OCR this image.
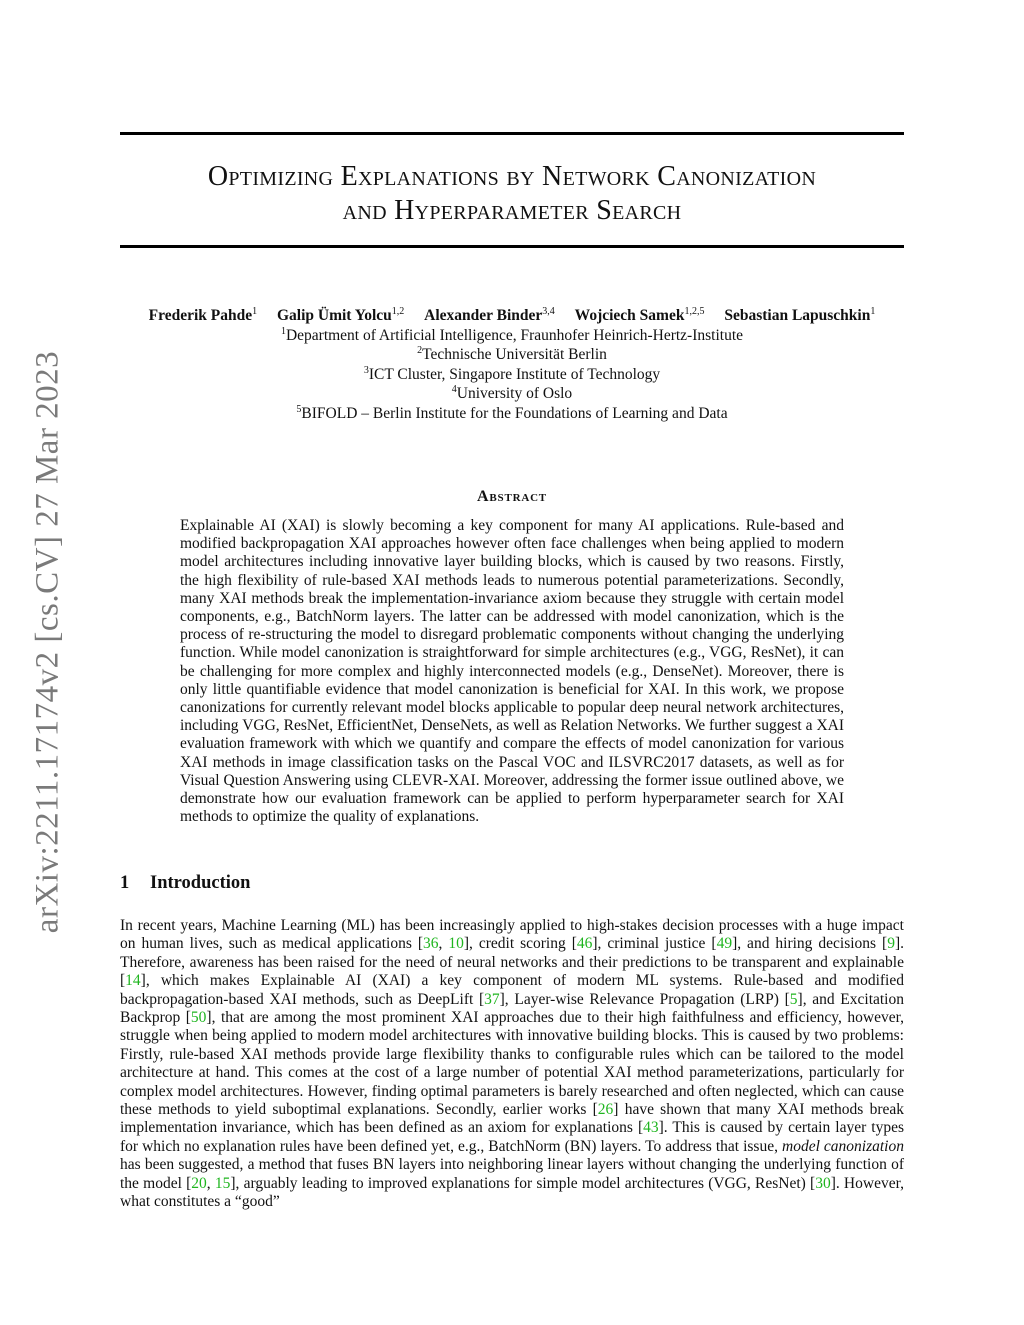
arXiv:2211.17174v2 [cs.CV] 27 Mar 2023
Optimizing Explanations by Network Canonization
and Hyperparameter Search
Frederik Pahde$^1$ Galip Ümit Yolcu$^{1,2}$ Alexander Binder$^{3,4}$ Wojciech Samek$^{1,2,5}$ Sebastian Lapuschkin$^1$
$^1$Department of Artificial Intelligence, Fraunhofer Heinrich-Hertz-Institute
$^2$Technische Universität Berlin
$^3$ICT Cluster, Singapore Institute of Technology
$^4$University of Oslo
$^5$BIFOLD – Berlin Institute for the Foundations of Learning and Data
Abstract
Explainable AI (XAI) is slowly becoming a key component for many AI applications. Rule-based and modified backpropagation XAI approaches however often face challenges when being applied to modern model architectures including innovative layer building blocks, which is caused by two reasons. Firstly, the high flexibility of rule-based XAI methods leads to numerous potential parameterizations. Secondly, many XAI methods break the implementation-invariance axiom because they struggle with certain model components, e.g., BatchNorm layers. The latter can be addressed with model canonization, which is the process of re-structuring the model to disregard problematic components without changing the underlying function. While model canonization is straightforward for simple architectures (e.g., VGG, ResNet), it can be challenging for more complex and highly interconnected models (e.g., DenseNet). Moreover, there is only little quantifiable evidence that model canonization is beneficial for XAI. In this work, we propose canonizations for currently relevant model blocks applicable to popular deep neural network architectures, including VGG, ResNet, EfficientNet, DenseNets, as well as Relation Networks. We further suggest a XAI evaluation framework with which we quantify and compare the effects of model canonization for various XAI methods in image classification tasks on the Pascal VOC and ILSVRC2017 datasets, as well as for Visual Question Answering using CLEVR-XAI. Moreover, addressing the former issue outlined above, we demonstrate how our evaluation framework can be applied to perform hyperparameter search for XAI methods to optimize the quality of explanations.
1 Introduction
In recent years, Machine Learning (ML) has been increasingly applied to high-stakes decision processes with a huge impact on human lives, such as medical applications [36, 10], credit scoring [46], criminal justice [49], and hiring decisions [9]. Therefore, awareness has been raised for the need of neural networks and their predictions to be transparent and explainable [14], which makes Explainable AI (XAI) a key component of modern ML systems. Rule-based and modified backpropagation-based XAI methods, such as DeepLift [37], Layer-wise Relevance Propagation (LRP) [5], and Excitation Backprop [50], that are among the most prominent XAI approaches due to their high faithfulness and efficiency, however, struggle when being applied to modern model architectures with innovative building blocks. This is caused by two problems: Firstly, rule-based XAI methods provide large flexibility thanks to configurable rules which can be tailored to the model architecture at hand. This comes at the cost of a large number of potential XAI method parameterizations, particularly for complex model architectures. However, finding optimal parameters is barely researched and often neglected, which can cause these methods to yield suboptimal explanations. Secondly, earlier works [26] have shown that many XAI methods break implementation invariance, which has been defined as an axiom for explanations [43]. This is caused by certain layer types for which no explanation rules have been defined yet, e.g., BatchNorm (BN) layers. To address that issue, model canonization has been suggested, a method that fuses BN layers into neighboring linear layers without changing the underlying function of the model [20, 15], arguably leading to improved explanations for simple model architectures (VGG, ResNet) [30]. However, what constitutes a “good”
